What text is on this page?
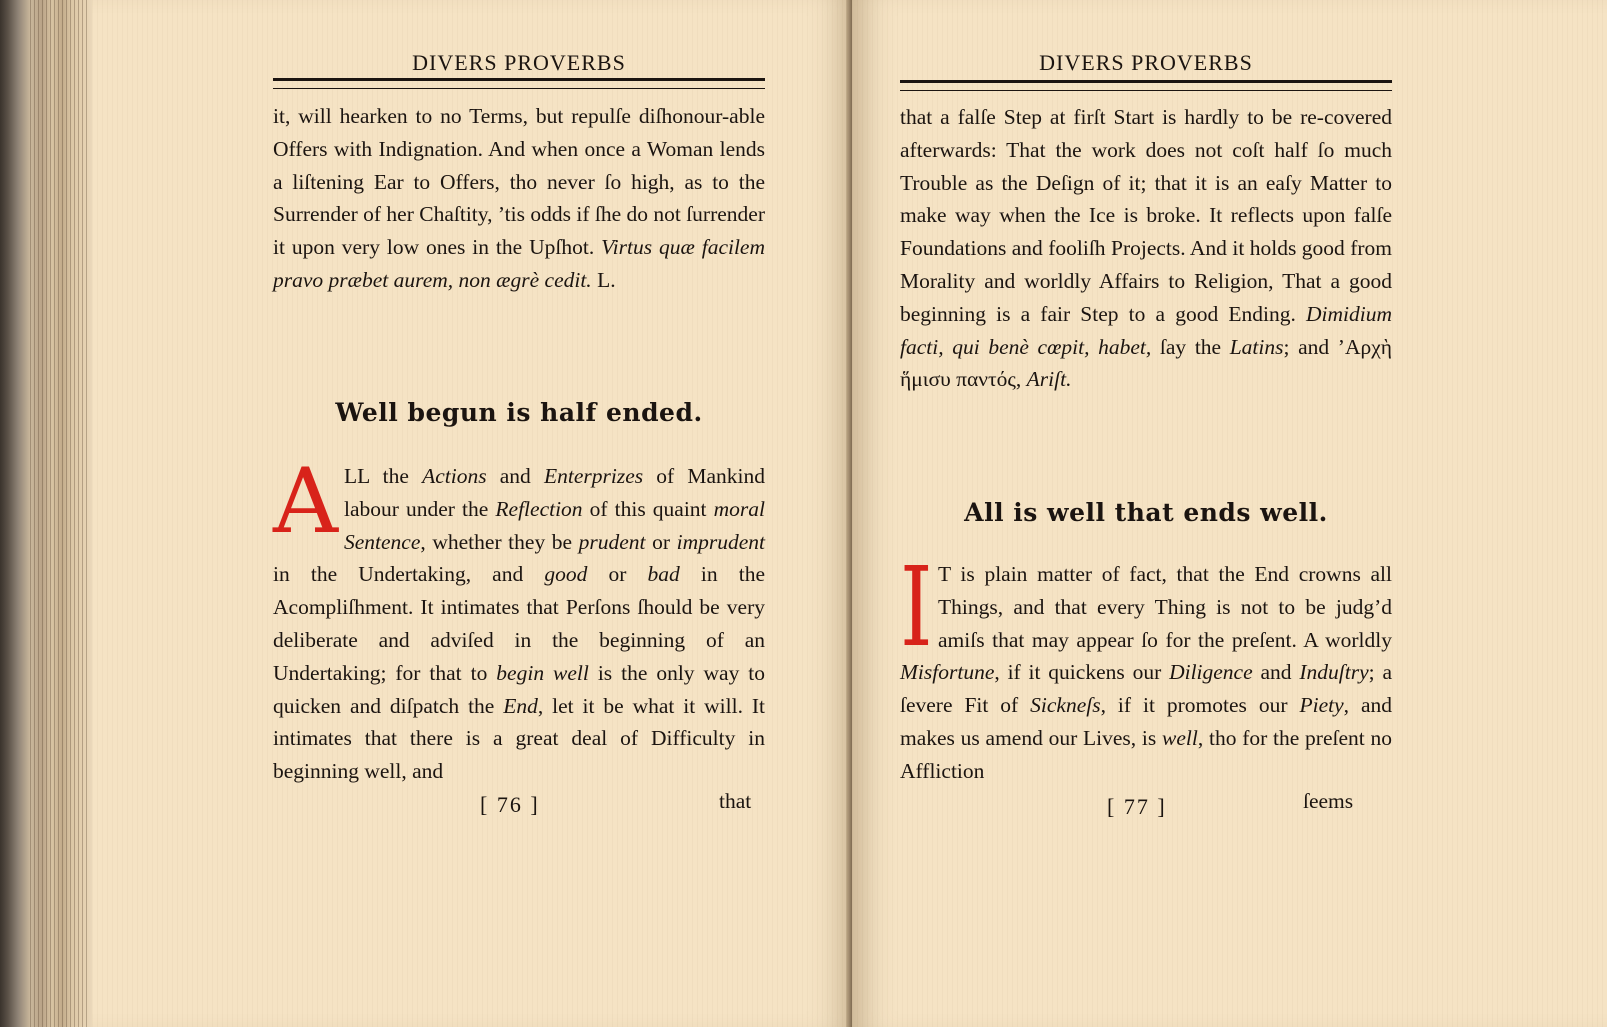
DIVERS PROVERBS

it, will hearken to no Terms, but repulſe diſhonour-able Offers with Indignation. And when once a Woman lends a liſtening Ear to Offers, tho never ſo high, as to the Surrender of her Chaſtity, ’tis odds if ſhe do not ſurrender it upon very low ones in the Upſhot. Virtus quæ facilem pravo præbet aurem, non ægrè cedit. L.

Well begun is half ended.
A LL the Actions and Enterprizes of Mankind labour under the Reflection of this quaint moral Sentence, whether they be prudent or imprudent in the Undertaking, and good or bad in the Acompliſhment. It intimates that Perſons ſhould be very deliberate and adviſed in the beginning of an Undertaking; for that to begin well is the only way to quicken and diſpatch the End, let it be what it will. It intimates that there is a great deal of Difficulty in beginning well, and
[ 76 ]	that
DIVERS PROVERBS

that a falſe Step at firſt Start is hardly to be re-covered afterwards: That the work does not coſt half ſo much Trouble as the Deſign of it; that it is an eaſy Matter to make way when the Ice is broke. It reflects upon falſe Foundations and fooliſh Projects. And it holds good from Morality and worldly Affairs to Religion, That a good beginning is a fair Step to a good Ending. Dimidium facti, qui benè cœpit, habet, ſay the Latins; and ’Αρχὴ ἥμισυ παντός, Ariſt.

All is well that ends well.
I T is plain matter of fact, that the End crowns all Things, and that every Thing is not to be judg’d amiſs that may appear ſo for the preſent. A worldly Misfortune, if it quickens our Diligence and Induſtry; a ſevere Fit of Sickneſs, if it promotes our Piety, and makes us amend our Lives, is well, tho for the preſent no Affliction
[ 77 ]	ſeems
